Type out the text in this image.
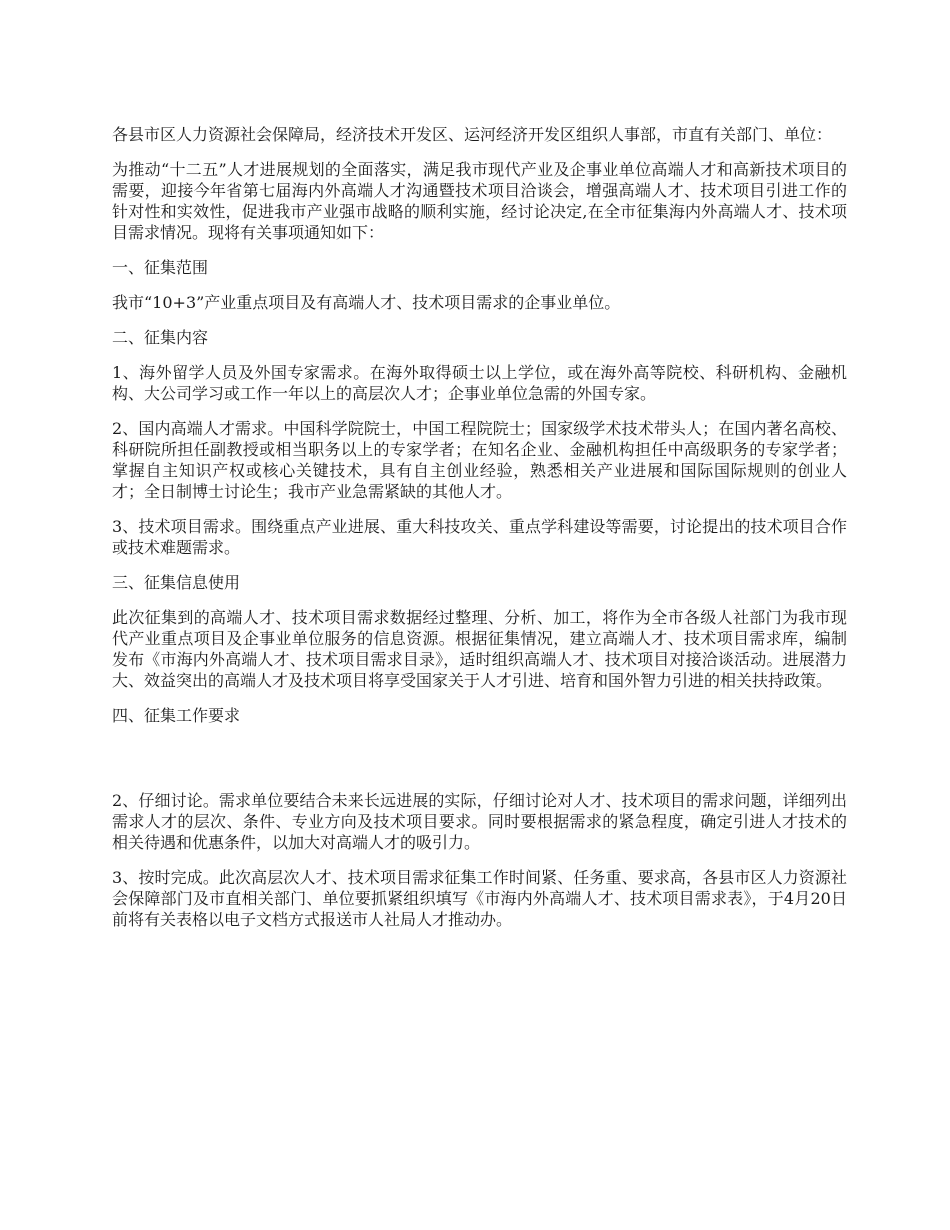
各县市区人力资源社会保障局，经济技术开发区、运河经济开发区组织人事部，市直有关部门、单位：

为推动“十二五”人才进展规划的全面落实，满足我市现代产业及企事业单位高端人才和高新技术项目的需要，迎接今年省第七届海内外高端人才沟通暨技术项目洽谈会，增强高端人才、技术项目引进工作的针对性和实效性，促进我市产业强市战略的顺利实施，经讨论决定,在全市征集海内外高端人才、技术项目需求情况。现将有关事项通知如下：

一、征集范围

我市“10+3”产业重点项目及有高端人才、技术项目需求的企事业单位。

二、征集内容

1、海外留学人员及外国专家需求。在海外取得硕士以上学位，或在海外高等院校、科研机构、金融机构、大公司学习或工作一年以上的高层次人才；企事业单位急需的外国专家。

2、国内高端人才需求。中国科学院院士，中国工程院院士；国家级学术技术带头人；在国内著名高校、科研院所担任副教授或相当职务以上的专家学者；在知名企业、金融机构担任中高级职务的专家学者；掌握自主知识产权或核心关键技术，具有自主创业经验，熟悉相关产业进展和国际国际规则的创业人才；全日制博士讨论生；我市产业急需紧缺的其他人才。

3、技术项目需求。围绕重点产业进展、重大科技攻关、重点学科建设等需要，讨论提出的技术项目合作或技术难题需求。

三、征集信息使用

此次征集到的高端人才、技术项目需求数据经过整理、分析、加工，将作为全市各级人社部门为我市现代产业重点项目及企事业单位服务的信息资源。根据征集情况，建立高端人才、技术项目需求库，编制发布《市海内外高端人才、技术项目需求目录》，适时组织高端人才、技术项目对接洽谈活动。进展潜力大、效益突出的高端人才及技术项目将享受国家关于人才引进、培育和国外智力引进的相关扶持政策。

四、征集工作要求

2、仔细讨论。需求单位要结合未来长远进展的实际，仔细讨论对人才、技术项目的需求问题，详细列出需求人才的层次、条件、专业方向及技术项目要求。同时要根据需求的紧急程度，确定引进人才技术的相关待遇和优惠条件，以加大对高端人才的吸引力。

3、按时完成。此次高层次人才、技术项目需求征集工作时间紧、任务重、要求高，各县市区人力资源社会保障部门及市直相关部门、单位要抓紧组织填写《市海内外高端人才、技术项目需求表》，于4月20日前将有关表格以电子文档方式报送市人社局人才推动办。
